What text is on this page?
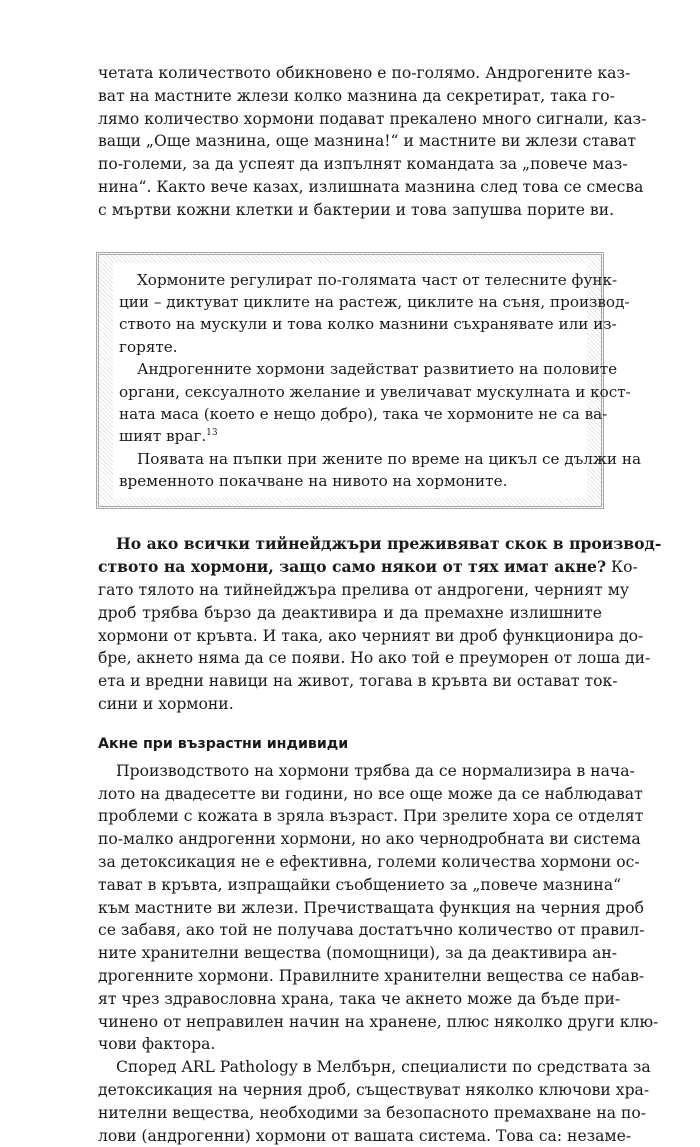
четата количеството обикновено е по-голямо. Андрогените каз-
ват на мастните жлези колко мазнина да секретират, така го-
лямо количество хормони подават прекалено много сигнали, каз-
ващи „Още мазнина, още мазнина!“ и мастните ви жлези стават
по-големи, за да успеят да изпълнят командата за „повече мaз-
нина“. Както вече казах, излишната мазнина след това се смесва
с мъртви кожни клетки и бактерии и това запушва порите ви.
Хормоните регулират по-голямата част от телесните функ-
ции – диктуват циклите на растеж, циклите на съня, производ-
ството на мускули и това колко мазнини съхранявате или из-
горяте.
Андрогенните хормони задействат развитието на половите
органи, сексуалното желание и увеличават мускулната и кост-
ната маса (което е нещо добро), така че хормоните не са ва-
шият враг.$^{13}$
Появата на пъпки при жените по време на цикъл се дължи на
временното покачване на нивото на хормоните.
Но ако всички тийнейджъри преживяват скок в производ-
ството на хормони, защо само някои от тях имат акне? Ко-
гато тялото на тийнейджъра прелива от андрогени, черният му
дроб трябва бързо да деактивира и да премахне излишните
хормони от кръвта. И така, ако черният ви дроб функционира до-
бре, акнето няма да се появи. Но ако той е преуморен от лоша ди-
ета и вредни навици на живот, тогава в кръвта ви остават ток-
сини и хормони.
Акне при възрастни индивиди
Производството на хормони трябва да се нормализира в нача-
лото на двадесетте ви години, но все още може да се наблюдават
проблеми с кожата в зряла възраст. При зрелите хора се отделят
по-малко андрогенни хормони, но ако чернодробната ви система
за детоксикация не е ефективна, големи количества хормони ос-
тават в кръвта, изпращайки съобщението за „повече мазнина“
към мастните ви жлези. Пречистващата функция на черния дроб
се забавя, ако той не получава достатъчно количество от правил-
ните хранителни вещества (помощници), за да деактивира ан-
дрогенните хормони. Правилните хранителни вещества се набав-
ят чрез здравословна храна, така че акнето може да бъде при-
чинено от неправилен начин на хранене, плюс няколко други клю-
чови фактора.
Според ARL Pathology в Мелбърн, специалисти по средствата за
детоксикация на черния дроб, съществуват няколко ключови хра-
нителни вещества, необходими за безопасното премахване на по-
лови (андрогенни) хормони от вашата система. Това са: незаме-
